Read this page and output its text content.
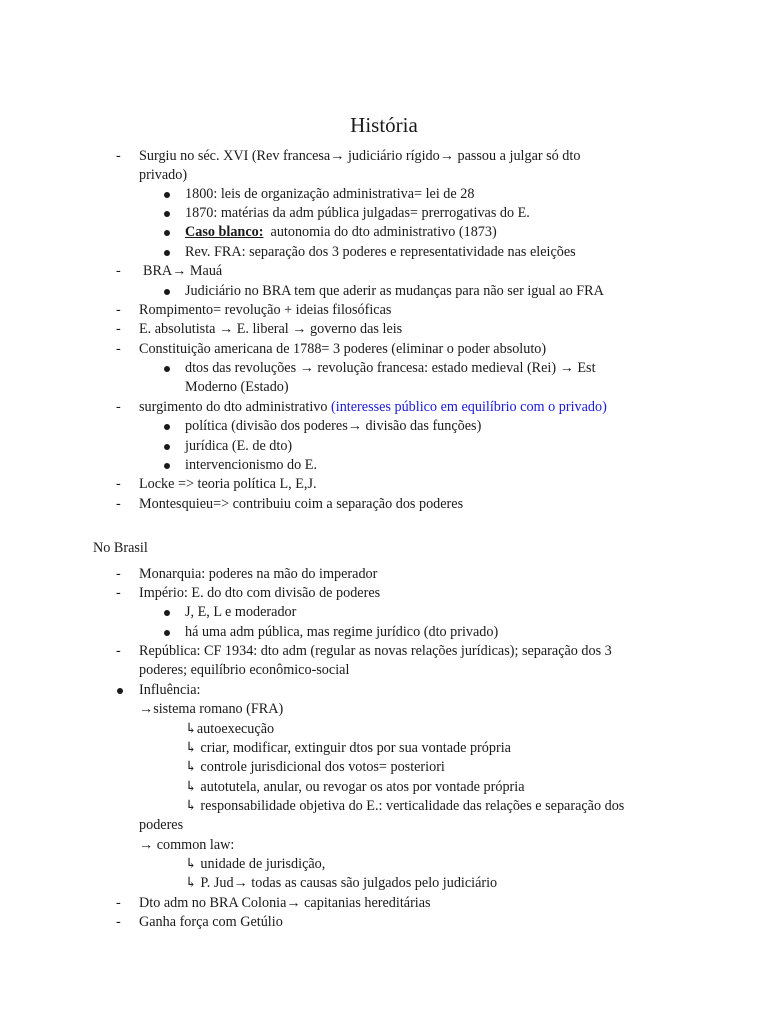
História
- Surgiu no séc. XVI (Rev francesa→ judiciário rígido→ passou a julgar só dto
privado)
1800: leis de organização administrativa= lei de 28
1870: matérias da adm pública julgadas= prerrogativas do E.
Caso blanco: autonomia do dto administrativo (1873)
Rev. FRA: separação dos 3 poderes e representatividade nas eleições
- BRA→ Mauá
Judiciário no BRA tem que aderir as mudanças para não ser igual ao FRA
- Rompimento= revolução + ideias filosóficas
- E. absolutista → E. liberal → governo das leis
- Constituição americana de 1788= 3 poderes (eliminar o poder absoluto)
dtos das revoluções → revolução francesa: estado medieval (Rei) → Est
Moderno (Estado)
- surgimento do dto administrativo (interesses público em equilíbrio com o privado)
política (divisão dos poderes→ divisão das funções)
jurídica (E. de dto)
intervencionismo do E.
- Locke => teoria política L, E,J.
- Montesquieu=> contribuiu coim a separação dos poderes
No Brasil
- Monarquia: poderes na mão do imperador
- Império: E. do dto com divisão de poderes
J, E, L e moderador
há uma adm pública, mas regime jurídico (dto privado)
- República: CF 1934: dto adm (regular as novas relações jurídicas); separação dos 3
poderes; equilíbrio econômico-social
Influência:
→sistema romano (FRA)
↳autoexecução
↳ criar, modificar, extinguir dtos por sua vontade própria
↳ controle jurisdicional dos votos= posteriori
↳ autotutela, anular, ou revogar os atos por vontade própria
↳ responsabilidade objetiva do E.: verticalidade das relações e separação dos
poderes
→ common law:
↳ unidade de jurisdição,
↳ P. Jud→ todas as causas são julgados pelo judiciário
- Dto adm no BRA Colonia→ capitanias hereditárias
- Ganha força com Getúlio
